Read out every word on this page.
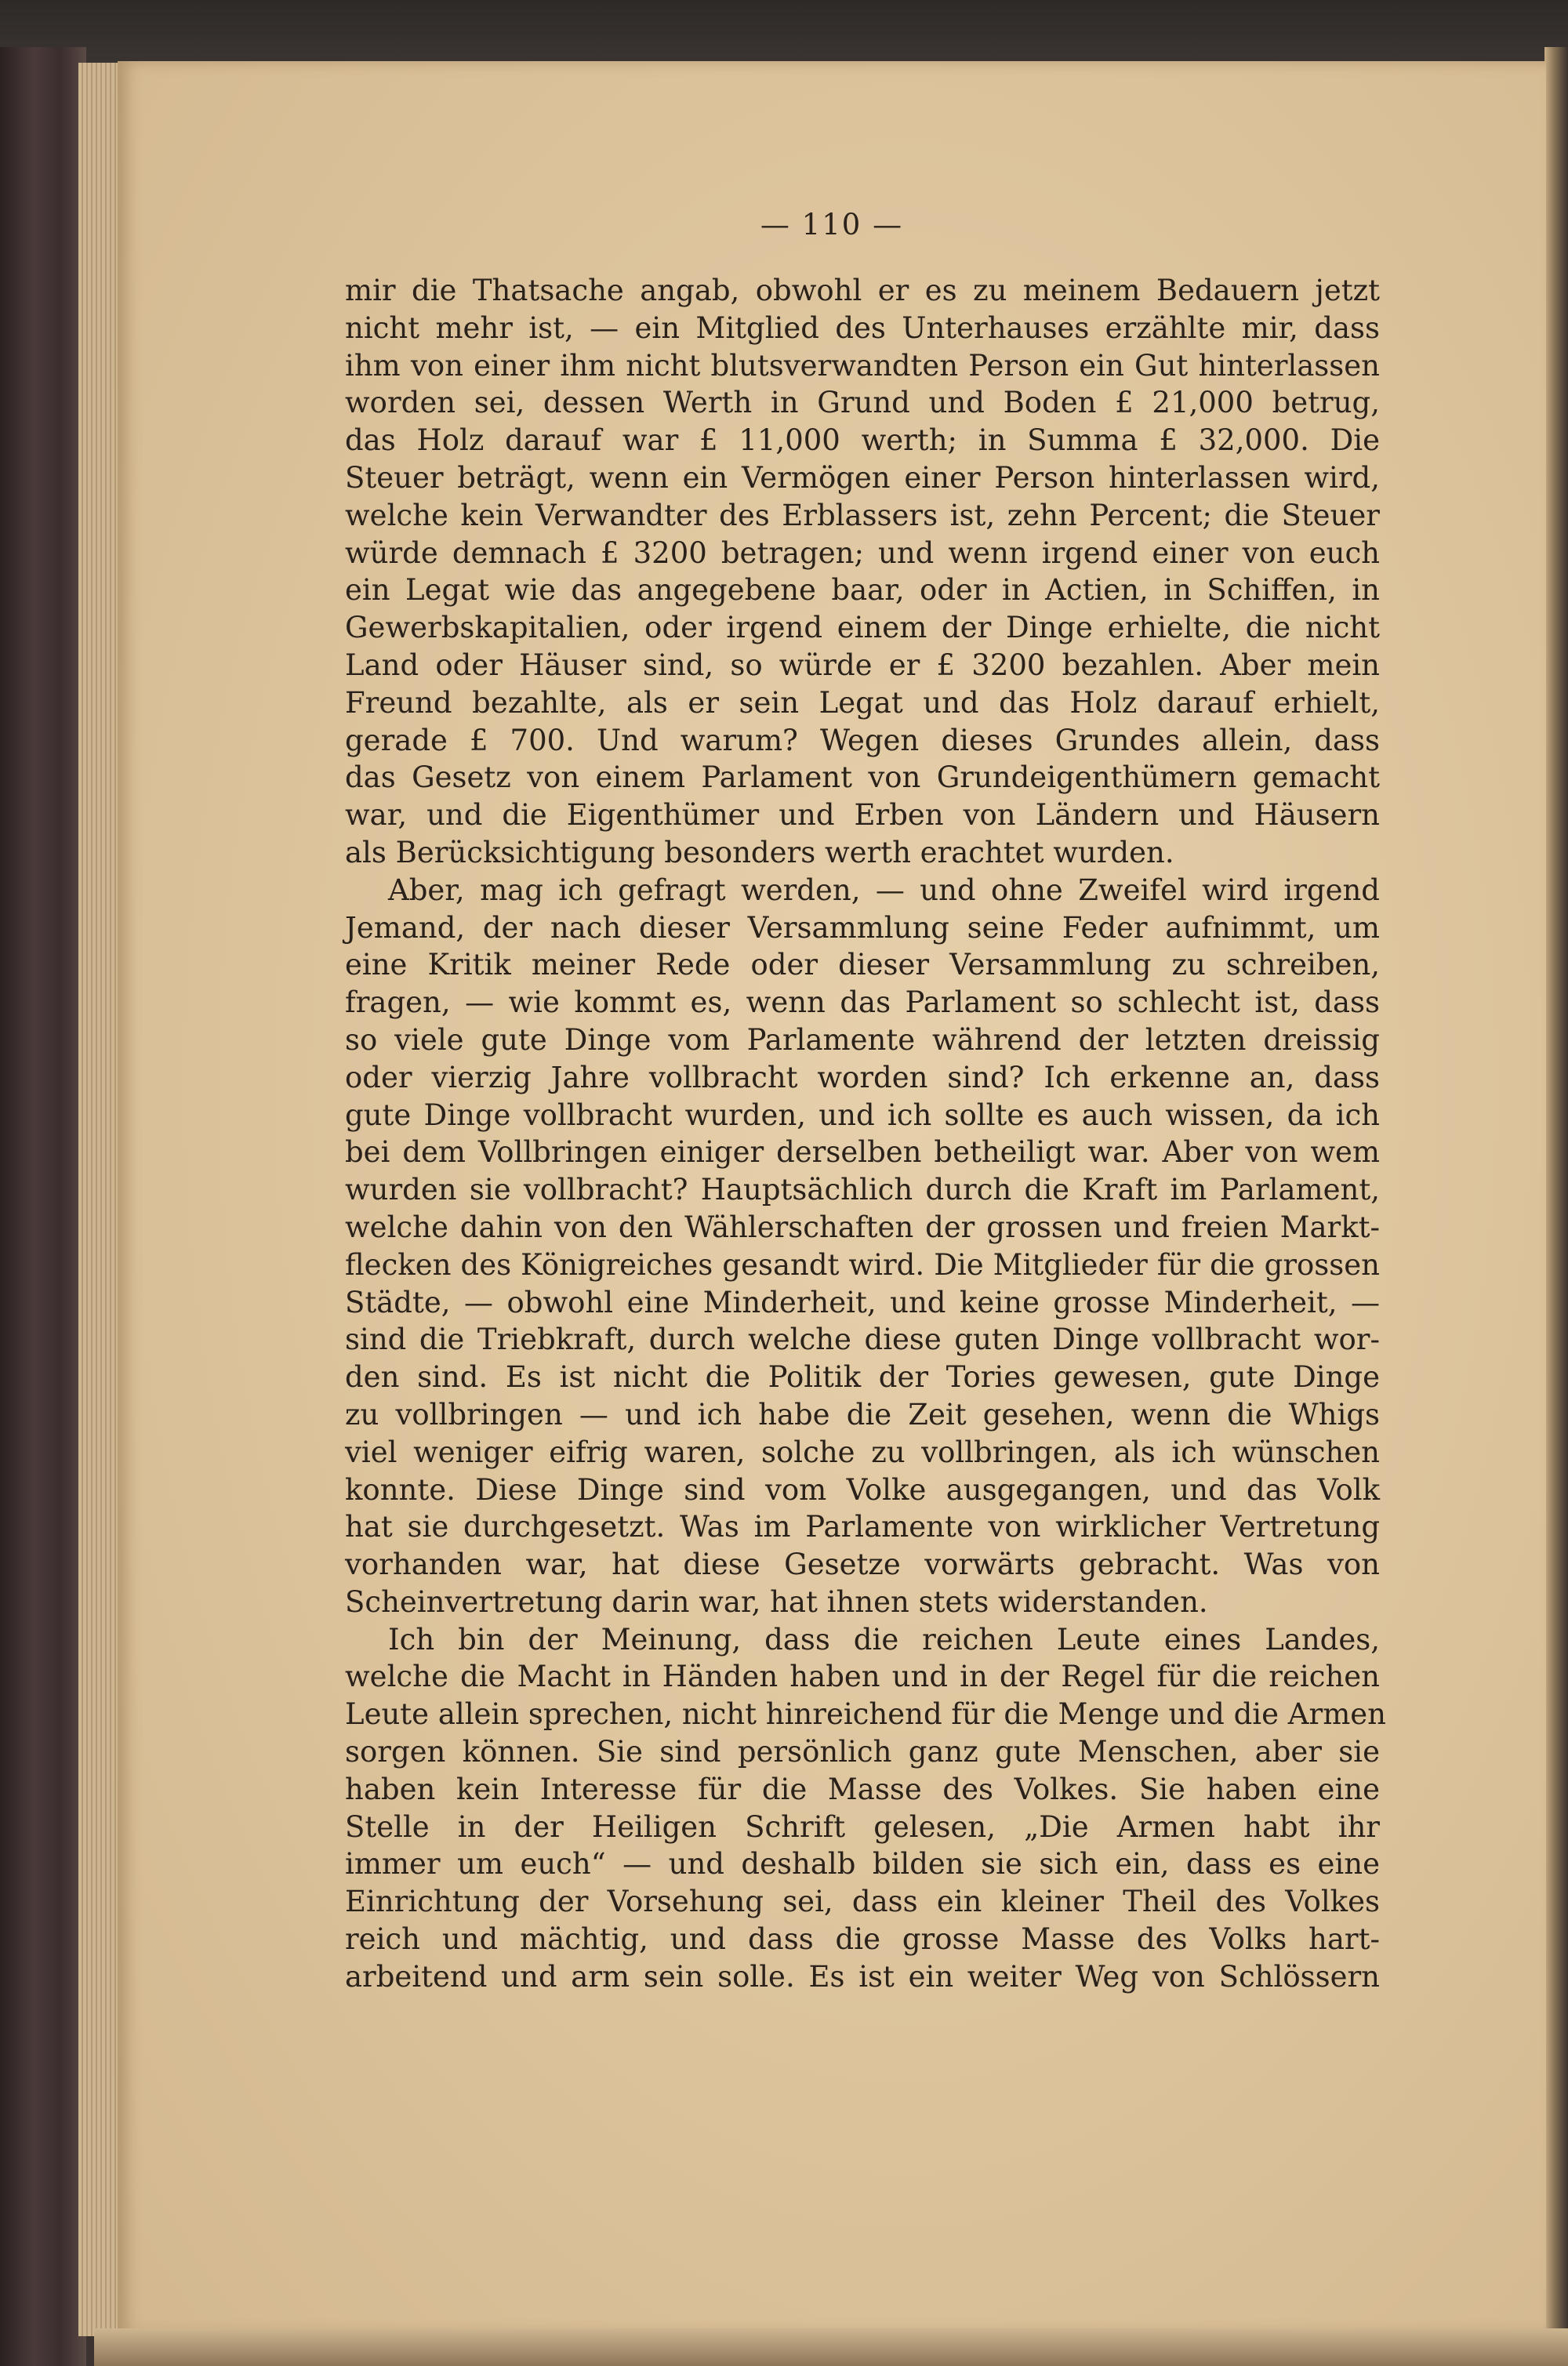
— 110 —
mir die Thatsache angab, obwohl er es zu meinem Bedauern jetzt
nicht mehr ist, — ein Mitglied des Unterhauses erzählte mir, dass
ihm von einer ihm nicht blutsverwandten Person ein Gut hinterlassen
worden sei, dessen Werth in Grund und Boden £ 21,000 betrug,
das Holz darauf war £ 11,000 werth; in Summa £ 32,000. Die
Steuer beträgt, wenn ein Vermögen einer Person hinterlassen wird,
welche kein Verwandter des Erblassers ist, zehn Percent; die Steuer
würde demnach £ 3200 betragen; und wenn irgend einer von euch
ein Legat wie das angegebene baar, oder in Actien, in Schiffen, in
Gewerbskapitalien, oder irgend einem der Dinge erhielte, die nicht
Land oder Häuser sind, so würde er £ 3200 bezahlen. Aber mein
Freund bezahlte, als er sein Legat und das Holz darauf erhielt,
gerade £ 700. Und warum? Wegen dieses Grundes allein, dass
das Gesetz von einem Parlament von Grundeigenthümern gemacht
war, und die Eigenthümer und Erben von Ländern und Häusern
als Berücksichtigung besonders werth erachtet wurden.
Aber, mag ich gefragt werden, — und ohne Zweifel wird irgend
Jemand, der nach dieser Versammlung seine Feder aufnimmt, um
eine Kritik meiner Rede oder dieser Versammlung zu schreiben,
fragen, — wie kommt es, wenn das Parlament so schlecht ist, dass
so viele gute Dinge vom Parlamente während der letzten dreissig
oder vierzig Jahre vollbracht worden sind? Ich erkenne an, dass
gute Dinge vollbracht wurden, und ich sollte es auch wissen, da ich
bei dem Vollbringen einiger derselben betheiligt war. Aber von wem
wurden sie vollbracht? Hauptsächlich durch die Kraft im Parlament,
welche dahin von den Wählerschaften der grossen und freien Markt-
flecken des Königreiches gesandt wird. Die Mitglieder für die grossen
Städte, — obwohl eine Minderheit, und keine grosse Minderheit, —
sind die Triebkraft, durch welche diese guten Dinge vollbracht wor-
den sind. Es ist nicht die Politik der Tories gewesen, gute Dinge
zu vollbringen — und ich habe die Zeit gesehen, wenn die Whigs
viel weniger eifrig waren, solche zu vollbringen, als ich wünschen
konnte. Diese Dinge sind vom Volke ausgegangen, und das Volk
hat sie durchgesetzt. Was im Parlamente von wirklicher Vertretung
vorhanden war, hat diese Gesetze vorwärts gebracht. Was von
Scheinvertretung darin war, hat ihnen stets widerstanden.
Ich bin der Meinung, dass die reichen Leute eines Landes,
welche die Macht in Händen haben und in der Regel für die reichen
Leute allein sprechen, nicht hinreichend für die Menge und die Armen
sorgen können. Sie sind persönlich ganz gute Menschen, aber sie
haben kein Interesse für die Masse des Volkes. Sie haben eine
Stelle in der Heiligen Schrift gelesen, „Die Armen habt ihr
immer um euch“ — und deshalb bilden sie sich ein, dass es eine
Einrichtung der Vorsehung sei, dass ein kleiner Theil des Volkes
reich und mächtig, und dass die grosse Masse des Volks hart-
arbeitend und arm sein solle. Es ist ein weiter Weg von Schlössern
